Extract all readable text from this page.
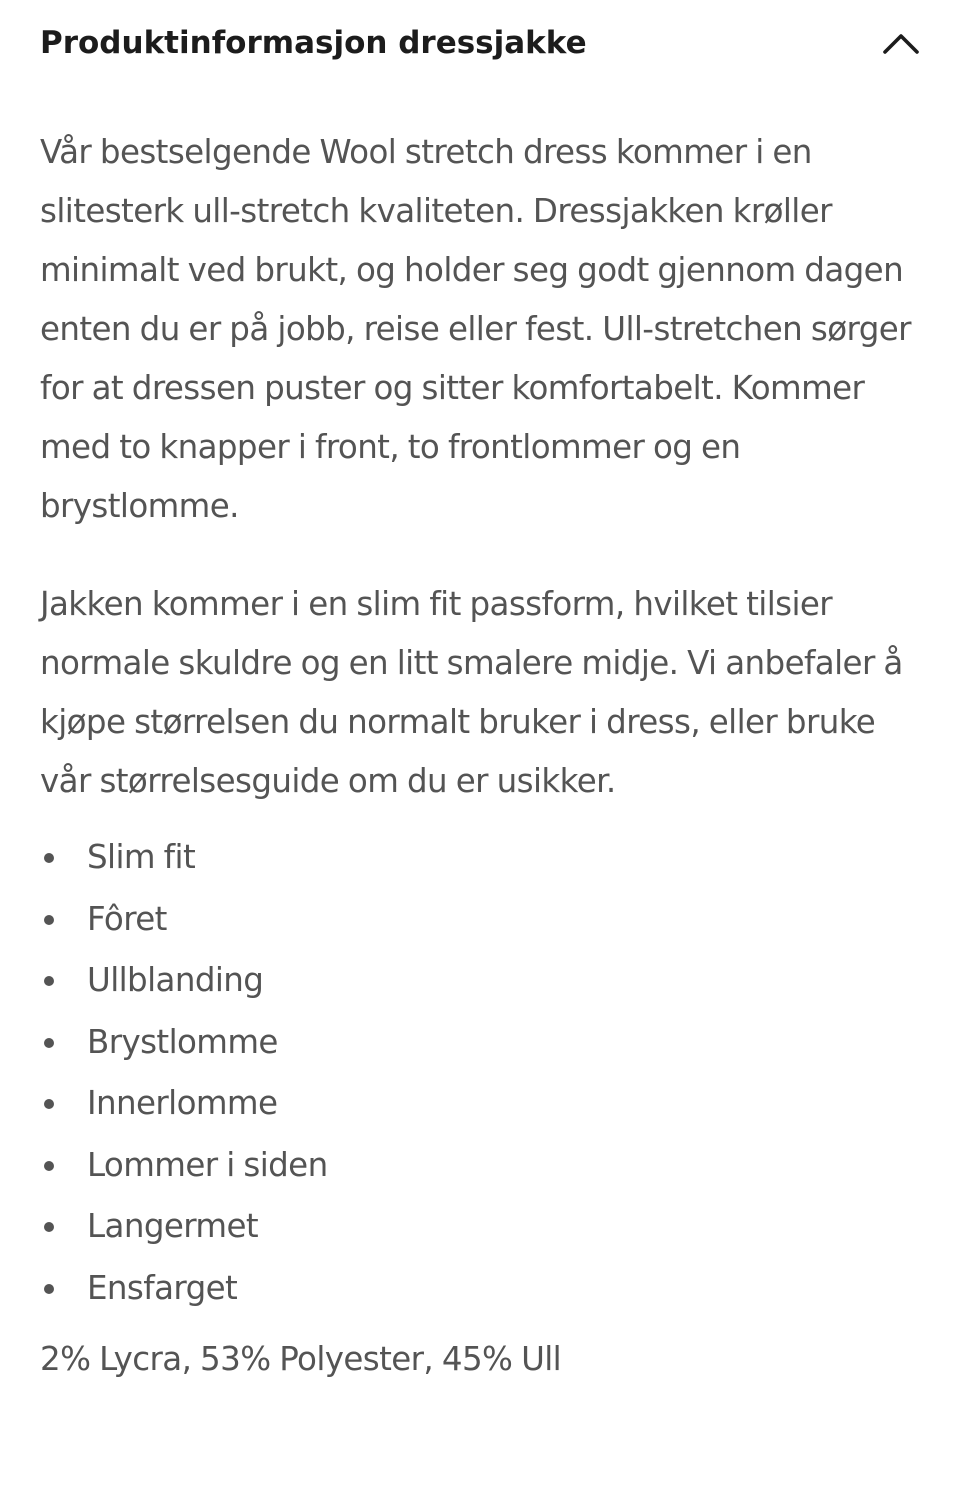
Produktinformasjon dressjakke

Vår bestselgende Wool stretch dress kommer i en slitesterk ull-stretch kvaliteten. Dressjakken krøller minimalt ved brukt, og holder seg godt gjennom dagen enten du er på jobb, reise eller fest. Ull-stretchen sørger for at dressen puster og sitter komfortabelt. Kommer med to knapper i front, to frontlommer og en brystlomme.

Jakken kommer i en slim fit passform, hvilket tilsier normale skuldre og en litt smalere midje. Vi anbefaler å kjøpe størrelsen du normalt bruker i dress, eller bruke vår størrelsesguide om du er usikker.

Slim fit
Fôret
Ullblanding
Brystlomme
Innerlomme
Lommer i siden
Langermet
Ensfarget

2% Lycra, 53% Polyester, 45% Ull
